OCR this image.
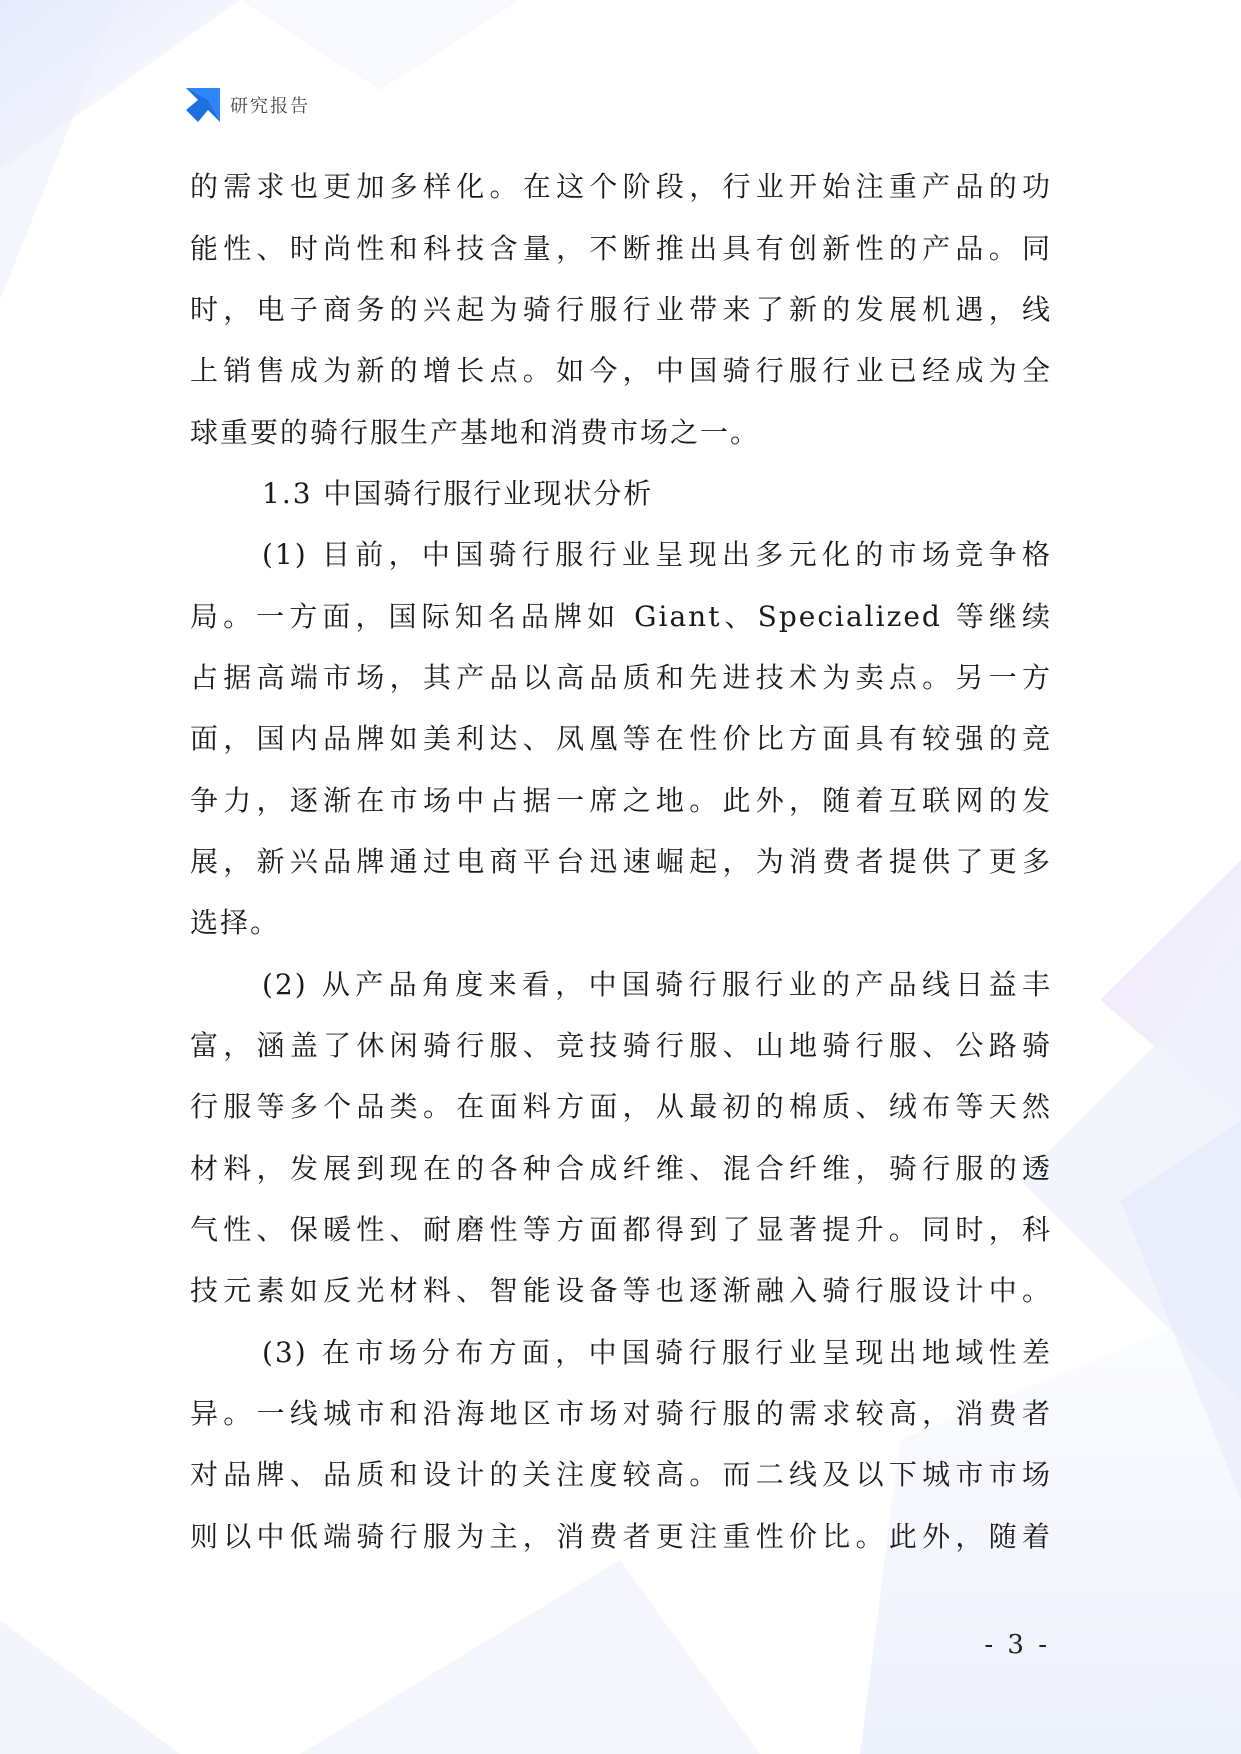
研究报告
的需求也更加多样化。在这个阶段，行业开始注重产品的功
能性、时尚性和科技含量，不断推出具有创新性的产品。同
时，电子商务的兴起为骑行服行业带来了新的发展机遇，线
上销售成为新的增长点。如今，中国骑行服行业已经成为全
球重要的骑行服生产基地和消费市场之一。
1.3 中国骑行服行业现状分析
(1) 目前，中国骑行服行业呈现出多元化的市场竞争格
局。一方面，国际知名品牌如 Giant、Specialized 等继续
占据高端市场，其产品以高品质和先进技术为卖点。另一方
面，国内品牌如美利达、凤凰等在性价比方面具有较强的竞
争力，逐渐在市场中占据一席之地。此外，随着互联网的发
展，新兴品牌通过电商平台迅速崛起，为消费者提供了更多
选择。
(2) 从产品角度来看，中国骑行服行业的产品线日益丰
富，涵盖了休闲骑行服、竞技骑行服、山地骑行服、公路骑
行服等多个品类。在面料方面，从最初的棉质、绒布等天然
材料，发展到现在的各种合成纤维、混合纤维，骑行服的透
气性、保暖性、耐磨性等方面都得到了显著提升。同时，科
技元素如反光材料、智能设备等也逐渐融入骑行服设计中。
(3) 在市场分布方面，中国骑行服行业呈现出地域性差
异。一线城市和沿海地区市场对骑行服的需求较高，消费者
对品牌、品质和设计的关注度较高。而二线及以下城市市场
则以中低端骑行服为主，消费者更注重性价比。此外，随着
- 3 -
